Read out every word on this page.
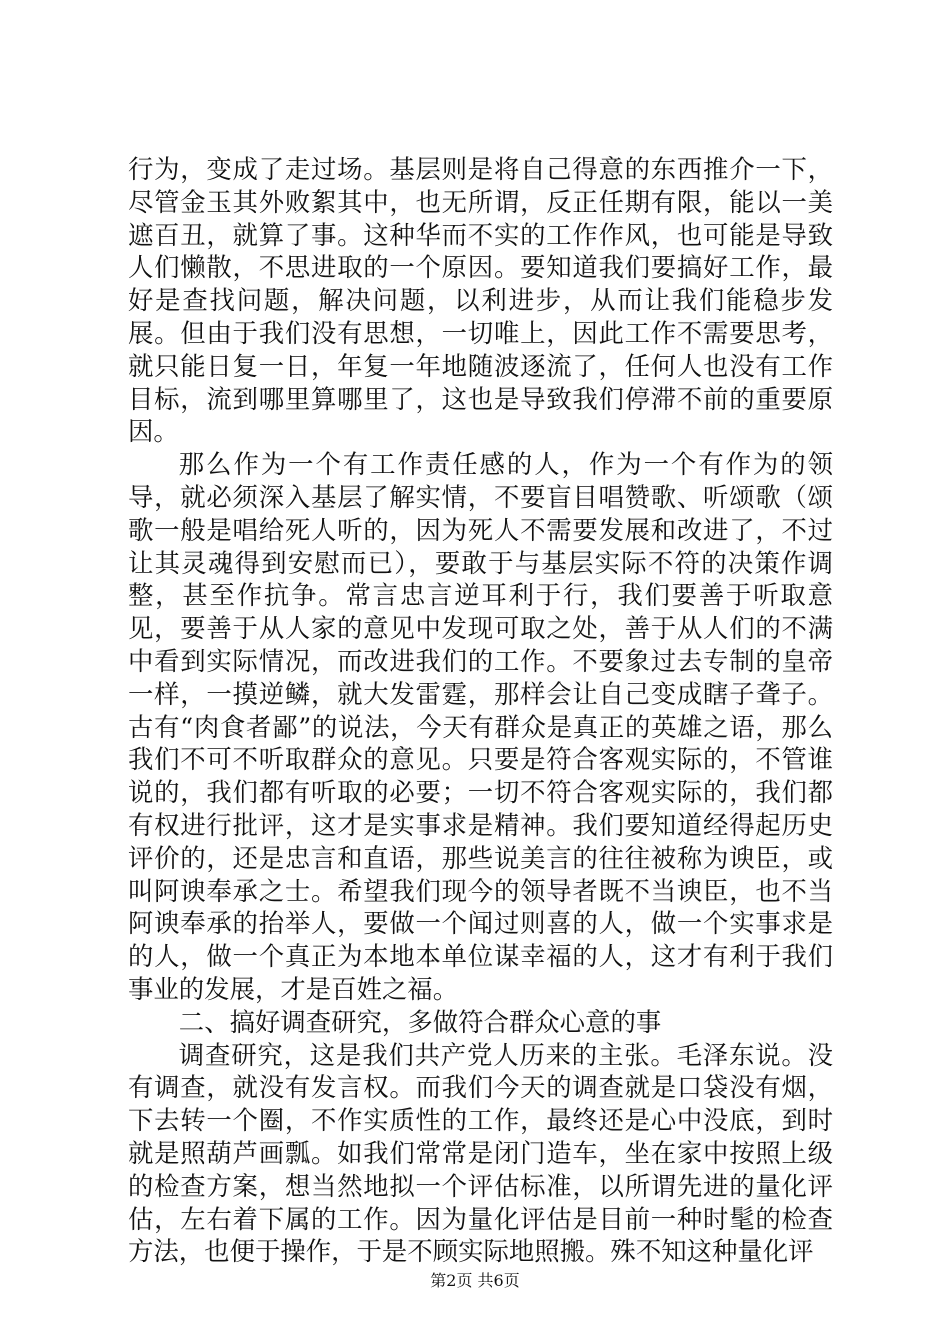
行为，变成了走过场。基层则是将自己得意的东西推介一下，尽管金玉其外败絮其中，也无所谓，反正任期有限，能以一美遮百丑，就算了事。这种华而不实的工作作风，也可能是导致人们懒散，不思进取的一个原因。要知道我们要搞好工作，最好是查找问题，解决问题，以利进步，从而让我们能稳步发展。但由于我们没有思想，一切唯上，因此工作不需要思考，就只能日复一日，年复一年地随波逐流了，任何人也没有工作目标，流到哪里算哪里了，这也是导致我们停滞不前的重要原因。

那么作为一个有工作责任感的人，作为一个有作为的领导，就必须深入基层了解实情，不要盲目唱赞歌、听颂歌（颂歌一般是唱给死人听的，因为死人不需要发展和改进了，不过让其灵魂得到安慰而已），要敢于与基层实际不符的决策作调整，甚至作抗争。常言忠言逆耳利于行，我们要善于听取意见，要善于从人家的意见中发现可取之处，善于从人们的不满中看到实际情况，而改进我们的工作。不要象过去专制的皇帝一样，一摸逆鳞，就大发雷霆，那样会让自己变成瞎子聋子。古有“肉食者鄙”的说法，今天有群众是真正的英雄之语，那么我们不可不听取群众的意见。只要是符合客观实际的，不管谁说的，我们都有听取的必要；一切不符合客观实际的，我们都有权进行批评，这才是实事求是精神。我们要知道经得起历史评价的，还是忠言和直语，那些说美言的往往被称为谀臣，或叫阿谀奉承之士。希望我们现今的领导者既不当谀臣，也不当阿谀奉承的抬举人，要做一个闻过则喜的人，做一个实事求是的人，做一个真正为本地本单位谋幸福的人，这才有利于我们事业的发展，才是百姓之福。

二、搞好调查研究，多做符合群众心意的事

调查研究，这是我们共产党人历来的主张。毛泽东说。没有调查，就没有发言权。而我们今天的调查就是口袋没有烟，下去转一个圈，不作实质性的工作，最终还是心中没底，到时就是照葫芦画瓢。如我们常常是闭门造车，坐在家中按照上级的检查方案，想当然地拟一个评估标准，以所谓先进的量化评估，左右着下属的工作。因为量化评估是目前一种时髦的检查方法，也便于操作，于是不顾实际地照搬。殊不知这种量化评

第2页 共6页
